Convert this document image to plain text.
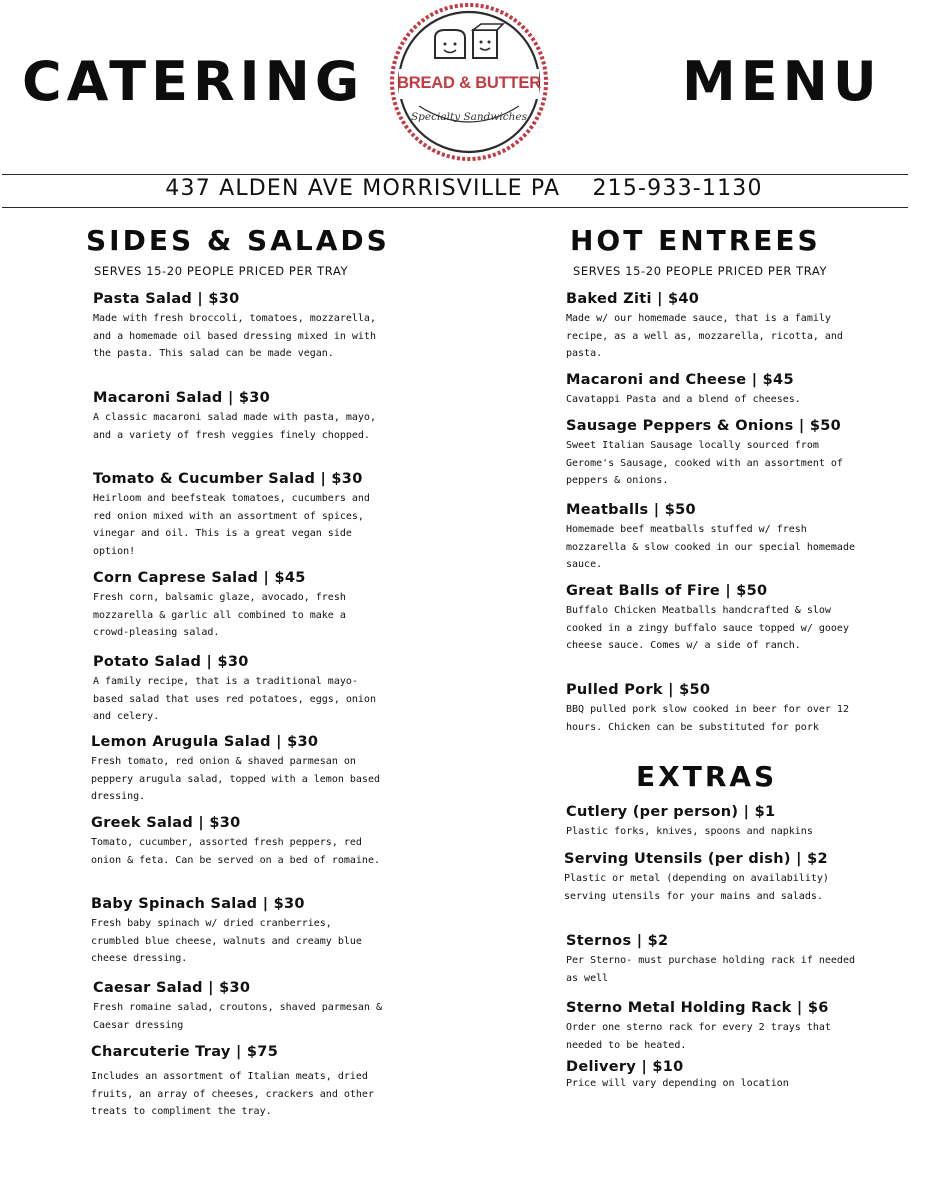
CATERING	MENU
BREAD & BUTTER
Specialty Sandwiches
437 ALDEN AVE MORRISVILLE PA 215-933-1130
SIDES & SALADS
SERVES 15-20 PEOPLE PRICED PER TRAY
Pasta Salad | $30
Made with fresh broccoli, tomatoes, mozzarella, and a homemade oil based dressing mixed in with the pasta. This salad can be made vegan.
Macaroni Salad | $30
A classic macaroni salad made with pasta, mayo, and a variety of fresh veggies finely chopped.
Tomato & Cucumber Salad | $30
Heirloom and beefsteak tomatoes, cucumbers and red onion mixed with an assortment of spices, vinegar and oil. This is a great vegan side option!
Corn Caprese Salad | $45
Fresh corn, balsamic glaze, avocado, fresh mozzarella & garlic all combined to make a crowd-pleasing salad.
Potato Salad | $30
A family recipe, that is a traditional mayo-based salad that uses red potatoes, eggs, onion and celery.
Lemon Arugula Salad | $30
Fresh tomato, red onion & shaved parmesan on peppery arugula salad, topped with a lemon based dressing.
Greek Salad | $30
Tomato, cucumber, assorted fresh peppers, red onion & feta. Can be served on a bed of romaine.
Baby Spinach Salad | $30
Fresh baby spinach w/ dried cranberries, crumbled blue cheese, walnuts and creamy blue cheese dressing.
Caesar Salad | $30
Fresh romaine salad, croutons, shaved parmesan & Caesar dressing
Charcuterie Tray | $75
Includes an assortment of Italian meats, dried fruits, an array of cheeses, crackers and other treats to compliment the tray.
HOT ENTREES
SERVES 15-20 PEOPLE PRICED PER TRAY
Baked Ziti | $40
Made w/ our homemade sauce, that is a family recipe, as a well as, mozzarella, ricotta, and pasta.
Macaroni and Cheese | $45
Cavatappi Pasta and a blend of cheeses.
Sausage Peppers & Onions | $50
Sweet Italian Sausage locally sourced from Gerome's Sausage, cooked with an assortment of peppers & onions.
Meatballs | $50
Homemade beef meatballs stuffed w/ fresh mozzarella & slow cooked in our special homemade sauce.
Great Balls of Fire | $50
Buffalo Chicken Meatballs handcrafted & slow cooked in a zingy buffalo sauce topped w/ gooey cheese sauce. Comes w/ a side of ranch.
Pulled Pork | $50
BBQ pulled pork slow cooked in beer for over 12 hours. Chicken can be substituted for pork
EXTRAS
Cutlery (per person) | $1
Plastic forks, knives, spoons and napkins
Serving Utensils (per dish) | $2
Plastic or metal (depending on availability) serving utensils for your mains and salads.
Sternos | $2
Per Sterno- must purchase holding rack if needed as well
Sterno Metal Holding Rack | $6
Order one sterno rack for every 2 trays that needed to be heated.
Delivery | $10
Price will vary depending on location
